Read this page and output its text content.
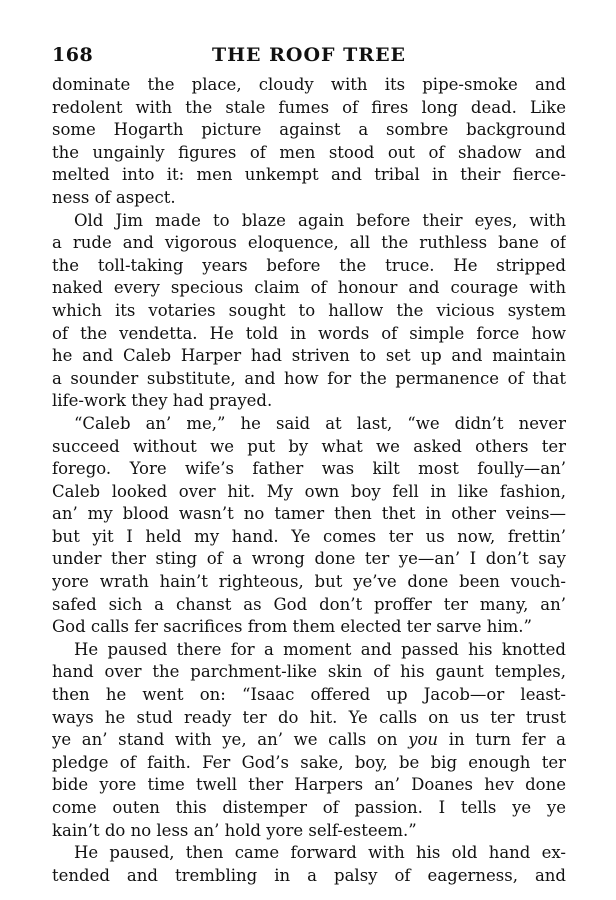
168	THE ROOF TREE
dominate the place, cloudy with its pipe-smoke and
redolent with the stale fumes of fires long dead. Like
some Hogarth picture against a sombre background
the ungainly figures of men stood out of shadow and
melted into it: men unkempt and tribal in their fierce-
ness of aspect.
Old Jim made to blaze again before their eyes, with
a rude and vigorous eloquence, all the ruthless bane of
the toll-taking years before the truce. He stripped
naked every specious claim of honour and courage with
which its votaries sought to hallow the vicious system
of the vendetta. He told in words of simple force how
he and Caleb Harper had striven to set up and maintain
a sounder substitute, and how for the permanence of that
life-work they had prayed.
“Caleb an’ me,” he said at last, “we didn’t never
succeed without we put by what we asked others ter
forego. Yore wife’s father was kilt most foully—an’
Caleb looked over hit. My own boy fell in like fashion,
an’ my blood wasn’t no tamer then thet in other veins—
but yit I held my hand. Ye comes ter us now, frettin’
under ther sting of a wrong done ter ye—an’ I don’t say
yore wrath hain’t righteous, but ye’ve done been vouch-
safed sich a chanst as God don’t proffer ter many, an’
God calls fer sacrifices from them elected ter sarve him.”
He paused there for a moment and passed his knotted
hand over the parchment-like skin of his gaunt temples,
then he went on: “Isaac offered up Jacob—or least-
ways he stud ready ter do hit. Ye calls on us ter trust
ye an’ stand with ye, an’ we calls on you in turn fer a
pledge of faith. Fer God’s sake, boy, be big enough ter
bide yore time twell ther Harpers an’ Doanes hev done
come outen this distemper of passion. I tells ye ye
kain’t do no less an’ hold yore self-esteem.”
He paused, then came forward with his old hand ex-
tended and trembling in a palsy of eagerness, and
